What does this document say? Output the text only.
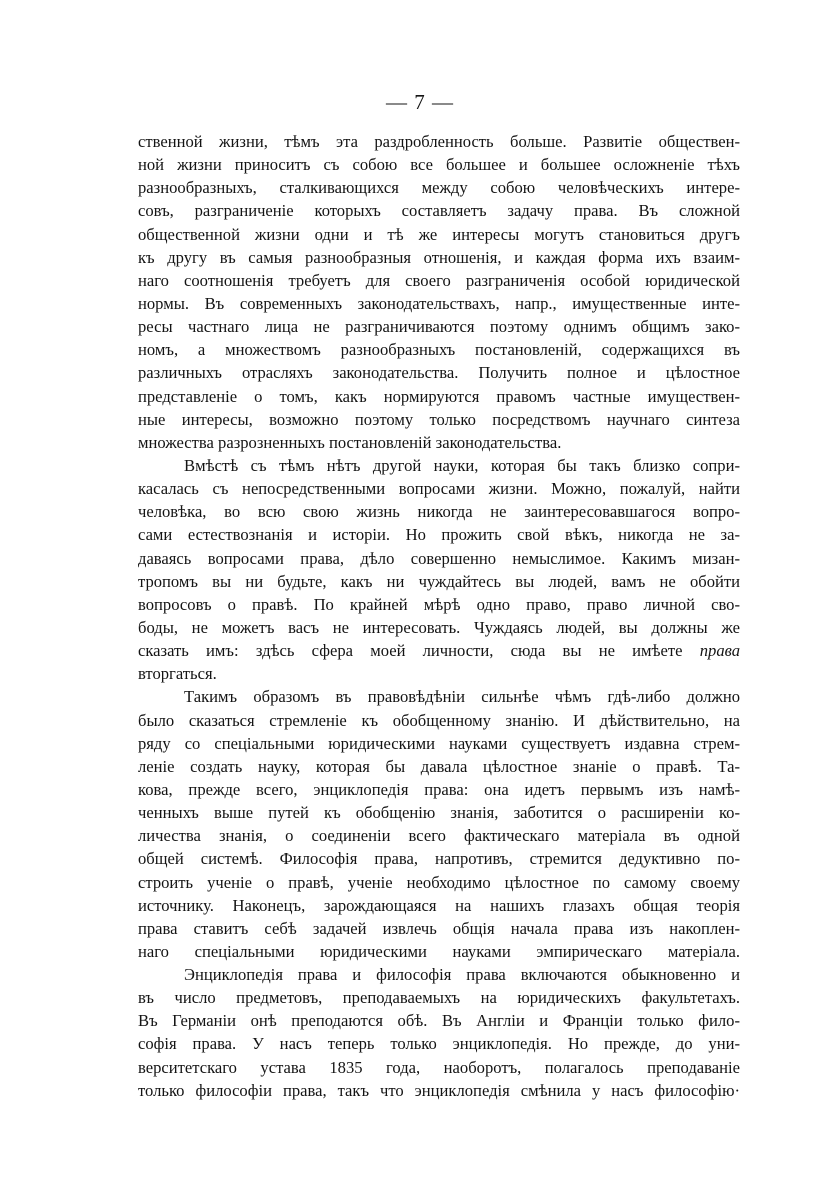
— 7 —
ственной жизни, тѣмъ эта раздробленность больше. Развитіе обществен-
ной жизни приноситъ съ собою все большее и большее осложненіе тѣхъ
разнообразныхъ, сталкивающихся между собою человѣческихъ интере-
совъ, разграниченіе которыхъ составляетъ задачу права. Въ сложной
общественной жизни одни и тѣ же интересы могутъ становиться другъ
къ другу въ самыя разнообразныя отношенія, и каждая форма ихъ взаим-
наго соотношенія требуетъ для своего разграниченія особой юридической
нормы. Въ современныхъ законодательствахъ, напр., имущественные инте-
ресы частнаго лица не разграничиваются поэтому однимъ общимъ зако-
номъ, а множествомъ разнообразныхъ постановленій, содержащихся въ
различныхъ отрасляхъ законодательства. Получить полное и цѣлостное
представленіе о томъ, какъ нормируются правомъ частные имуществен-
ные интересы, возможно поэтому только посредствомъ научнаго синтеза
множества разрозненныхъ постановленій законодательства.
Вмѣстѣ съ тѣмъ нѣтъ другой науки, которая бы такъ близко сопри-
касалась съ непосредственными вопросами жизни. Можно, пожалуй, найти
человѣка, во всю свою жизнь никогда не заинтересовавшагося вопро-
сами естествознанія и исторіи. Но прожить свой вѣкъ, никогда не за-
даваясь вопросами права, дѣло совершенно немыслимое. Какимъ мизан-
тропомъ вы ни будьте, какъ ни чуждайтесь вы людей, вамъ не обойти
вопросовъ о правѣ. По крайней мѣрѣ одно право, право личной сво-
боды, не можетъ васъ не интересовать. Чуждаясь людей, вы должны же
сказать имъ: здѣсь сфера моей личности, сюда вы не имѣете права
вторгаться.
Такимъ образомъ въ правовѣдѣніи сильнѣе чѣмъ гдѣ-либо должно
было сказаться стремленіе къ обобщенному знанію. И дѣйствительно, на
ряду со спеціальными юридическими науками существуетъ издавна стрем-
леніе создать науку, которая бы давала цѣлостное знаніе о правѣ. Та-
кова, прежде всего, энциклопедія права: она идетъ первымъ изъ намѣ-
ченныхъ выше путей къ обобщенію знанія, заботится о расширеніи ко-
личества знанія, о соединеніи всего фактическаго матеріала въ одной
общей системѣ. Философія права, напротивъ, стремится дедуктивно по-
строить ученіе о правѣ, ученіе необходимо цѣлостное по самому своему
источнику. Наконецъ, зарождающаяся на нашихъ глазахъ общая теорія
права ставитъ себѣ задачей извлечь общія начала права изъ накоплен-
наго спеціальными юридическими науками эмпирическаго матеріала.
Энциклопедія права и философія права включаются обыкновенно и
въ число предметовъ, преподаваемыхъ на юридическихъ факультетахъ.
Въ Германіи онѣ преподаются обѣ. Въ Англіи и Франціи только фило-
софія права. У насъ теперь только энциклопедія. Но прежде, до уни-
верситетскаго устава 1835 года, наоборотъ, полагалось преподаваніе
только философіи права, такъ что энциклопедія смѣнила у насъ философію·
